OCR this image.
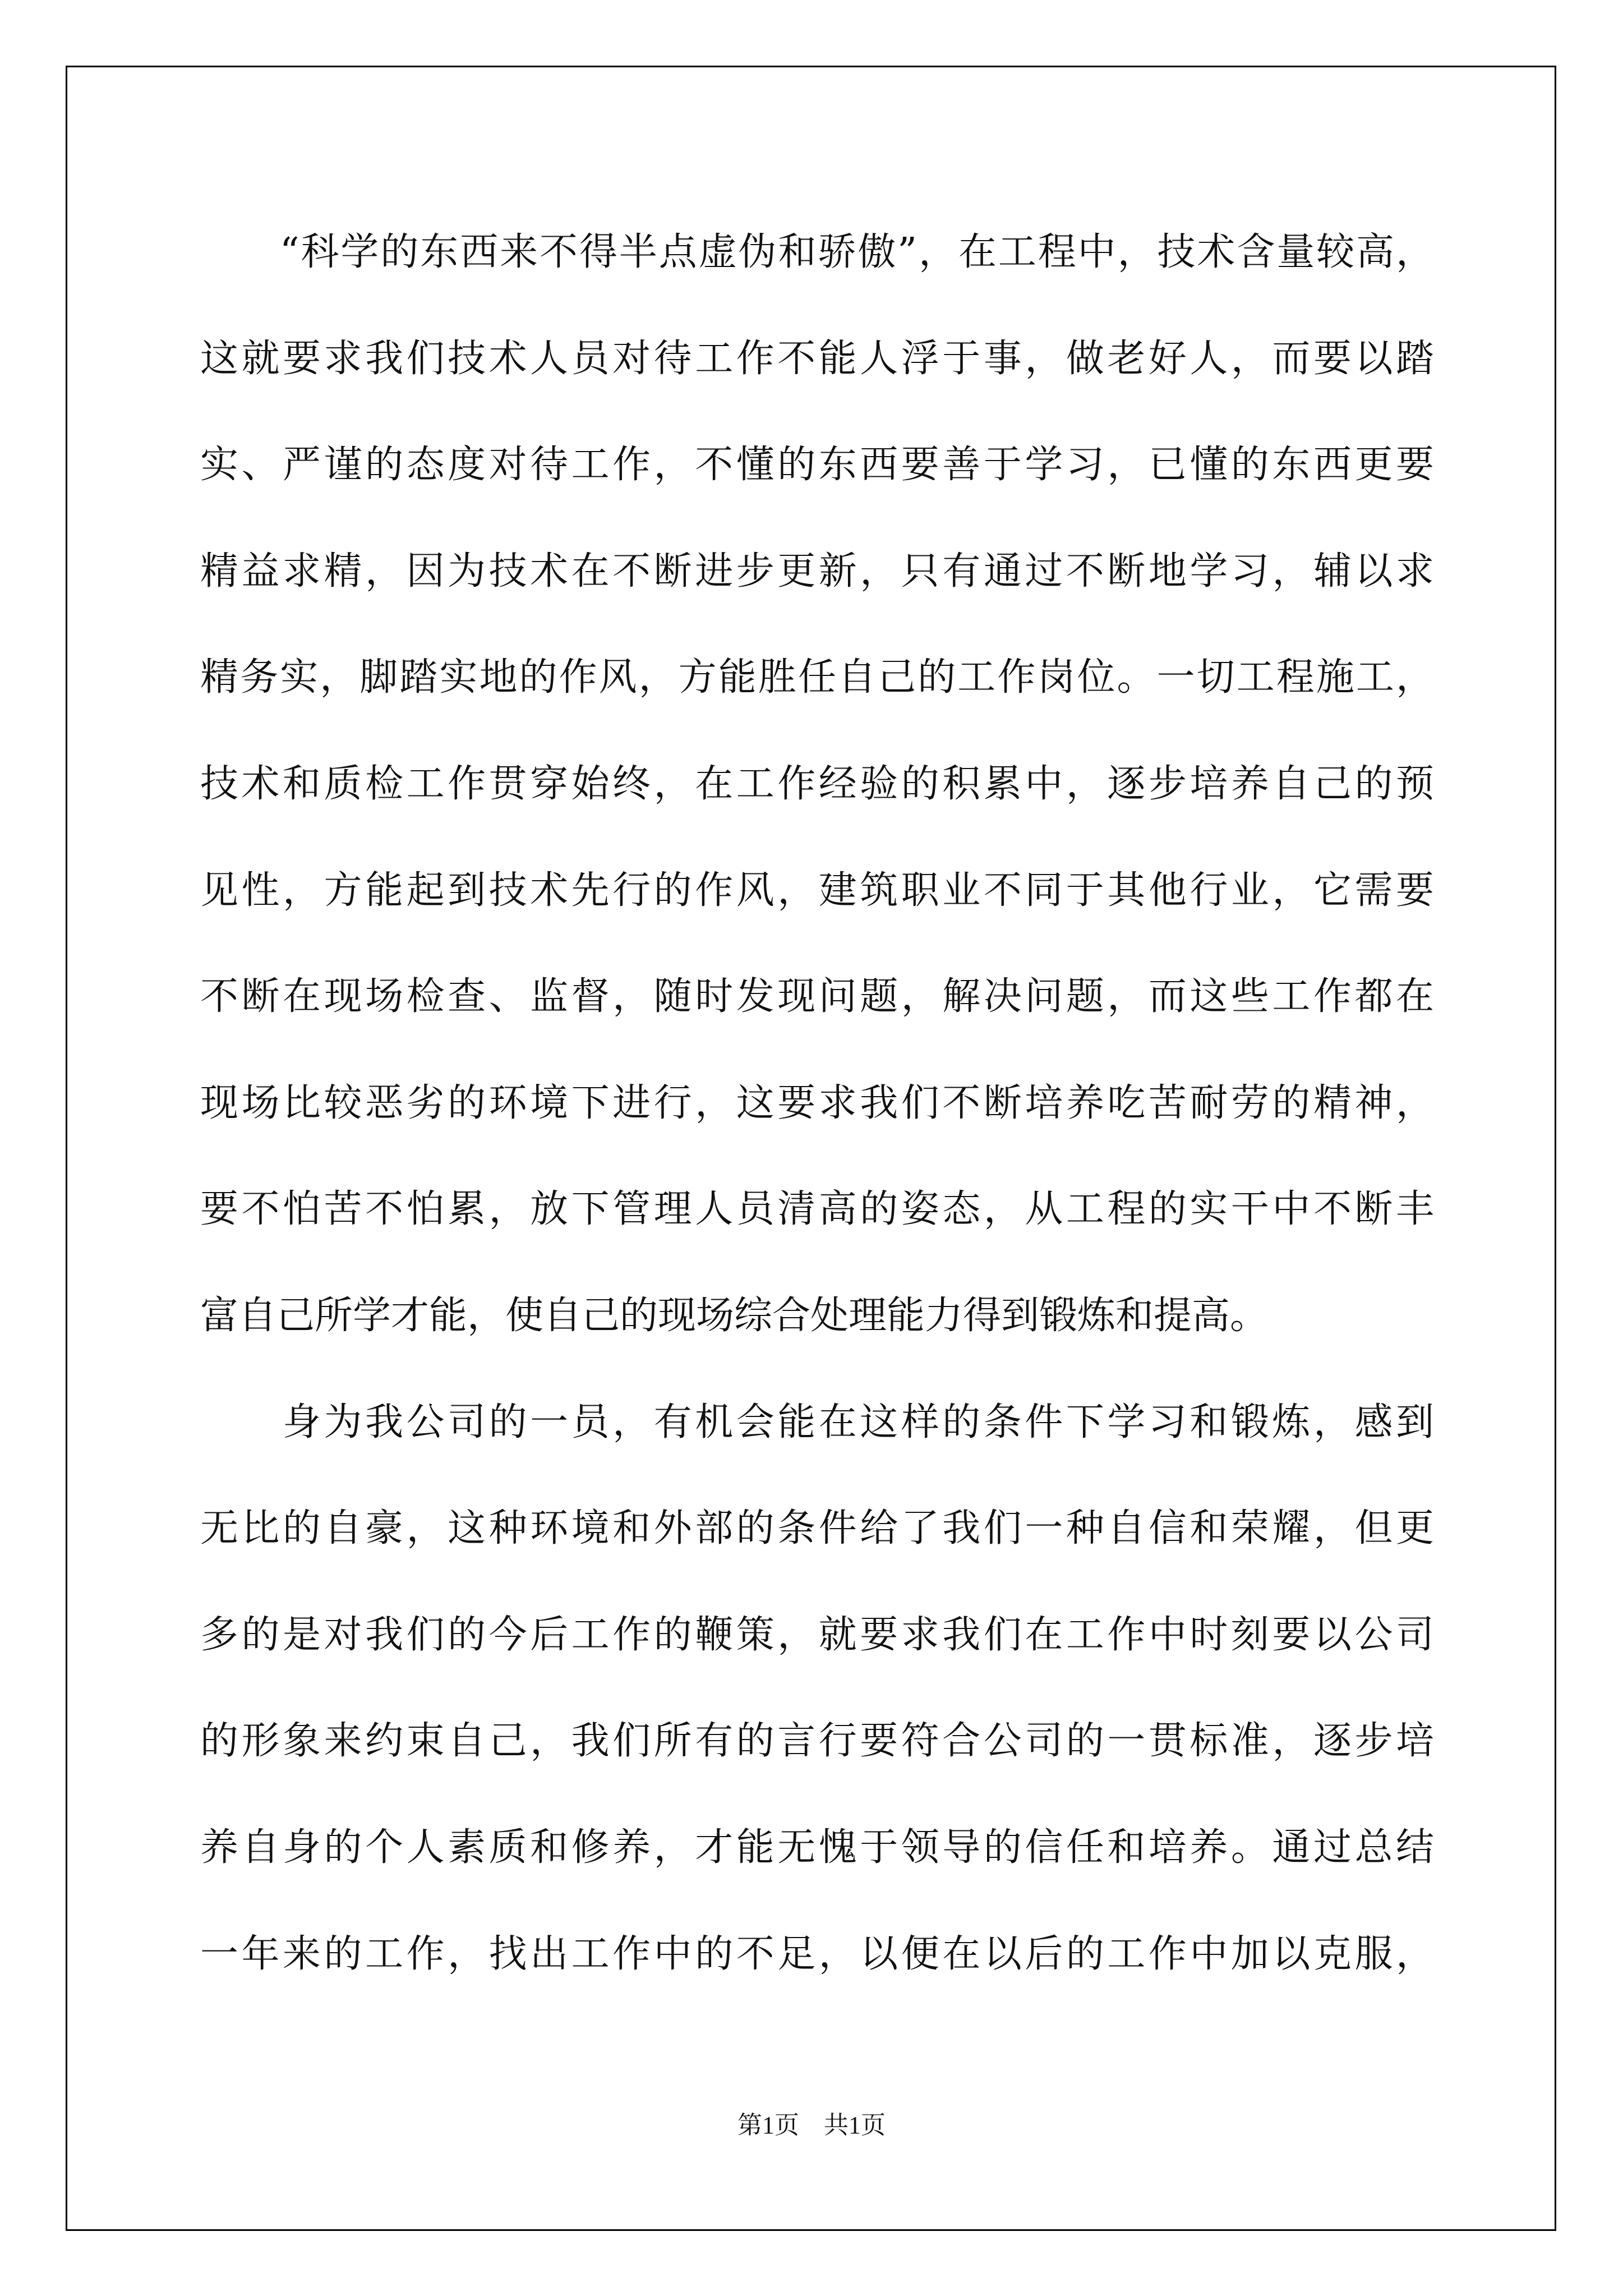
　　“科学的东西来不得半点虚伪和骄傲”，在工程中，技术含量较高，
这就要求我们技术人员对待工作不能人浮于事，做老好人，而要以踏
实、严谨的态度对待工作，不懂的东西要善于学习，已懂的东西更要
精益求精，因为技术在不断进步更新，只有通过不断地学习，辅以求
精务实，脚踏实地的作风，方能胜任自己的工作岗位。一切工程施工，
技术和质检工作贯穿始终，在工作经验的积累中，逐步培养自己的预
见性，方能起到技术先行的作风，建筑职业不同于其他行业，它需要
不断在现场检查、监督，随时发现问题，解决问题，而这些工作都在
现场比较恶劣的环境下进行，这要求我们不断培养吃苦耐劳的精神，
要不怕苦不怕累，放下管理人员清高的姿态，从工程的实干中不断丰
富自己所学才能，使自己的现场综合处理能力得到锻炼和提高。
　　身为我公司的一员，有机会能在这样的条件下学习和锻炼，感到
无比的自豪，这种环境和外部的条件给了我们一种自信和荣耀，但更
多的是对我们的今后工作的鞭策，就要求我们在工作中时刻要以公司
的形象来约束自己，我们所有的言行要符合公司的一贯标准，逐步培
养自身的个人素质和修养，才能无愧于领导的信任和培养。通过总结
一年来的工作，找出工作中的不足，以便在以后的工作中加以克服，
第1页　共1页
